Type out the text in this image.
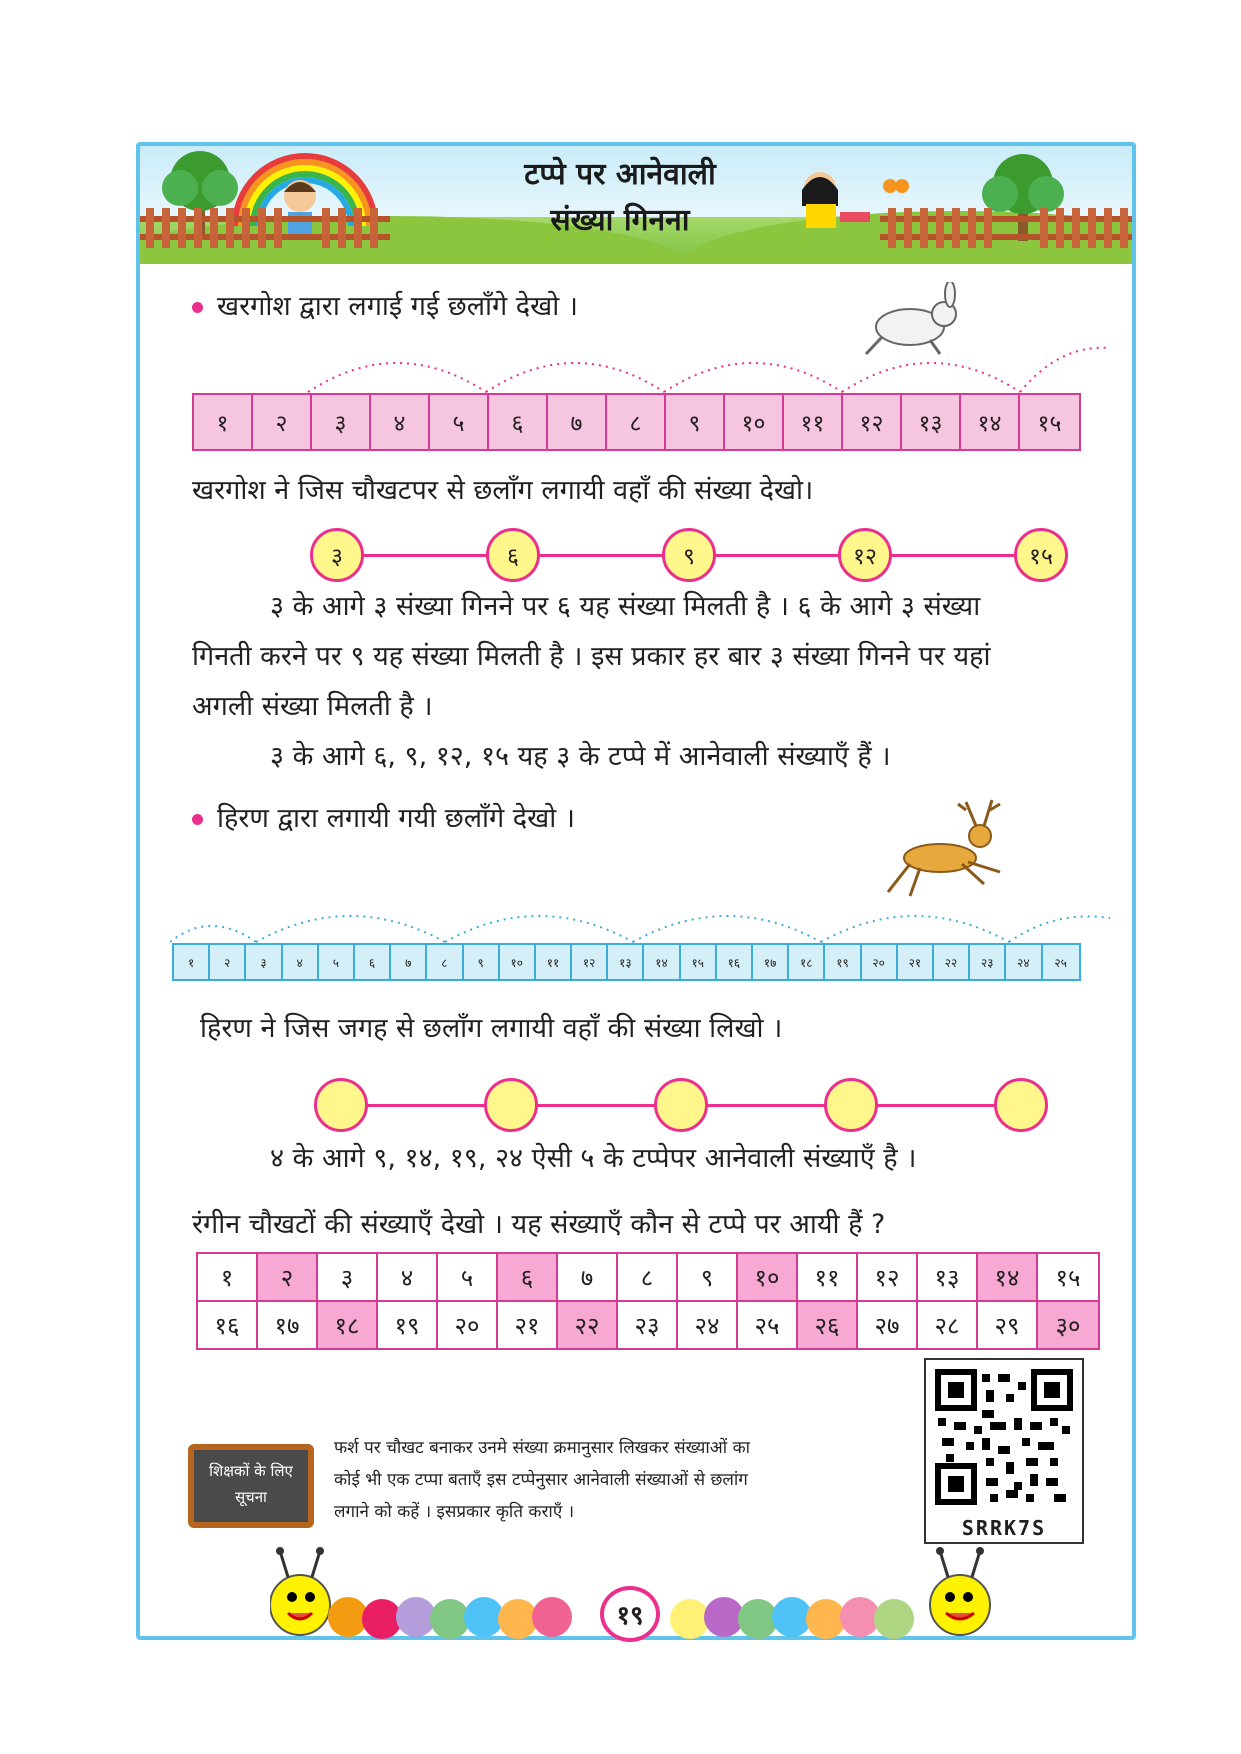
टप्पे पर आनेवाली
संख्या गिनना
खरगोश द्वारा लगाई गई छलाँगे देखो ।
१	२	३	४	५	६	७	८	९	१०	११	१२	१३	१४	१५
खरगोश ने जिस चौखटपर से छलाँग लगायी वहाँ की संख्या देखो।
३	६	९	१२	१५
३ के आगे ३ संख्या गिनने पर ६ यह संख्या मिलती है । ६ के आगे ३ संख्या
गिनती करने पर ९ यह संख्या मिलती है । इस प्रकार हर बार ३ संख्या गिनने पर यहां
अगली संख्या मिलती है ।
३ के आगे ६, ९, १२, १५ यह ३ के टप्पे में आनेवाली संख्याएँ हैं ।
हिरण द्वारा लगायी गयी छलाँगे देखो ।
१	२	३	४	५	६	७	८	९	१०	११	१२	१३	१४	१५	१६	१७	१८	१९	२०	२१	२२	२३	२४	२५
हिरण ने जिस जगह से छलाँग लगायी वहाँ की संख्या लिखो ।
४ के आगे ९, १४, १९, २४ ऐसी ५ के टप्पेपर आनेवाली संख्याएँ है ।
रंगीन चौखटों की संख्याएँ देखो । यह संख्याएँ कौन से टप्पे पर आयी हैं ?
१	२	३	४	५	६	७	८	९	१०	११	१२	१३	१४	१५
१६	१७	१८	१९	२०	२१	२२	२३	२४	२५	२६	२७	२८	२९	३०
शिक्षकों के लिए
सूचना
फर्श पर चौखट बनाकर उनमे संख्या क्रमानुसार लिखकर संख्याओं का
कोई भी एक टप्पा बताएँ इस टप्पेनुसार आनेवाली संख्याओं से छलांग
लगाने को कहें । इसप्रकार कृति कराएँ ।
SRRK7S
१९
